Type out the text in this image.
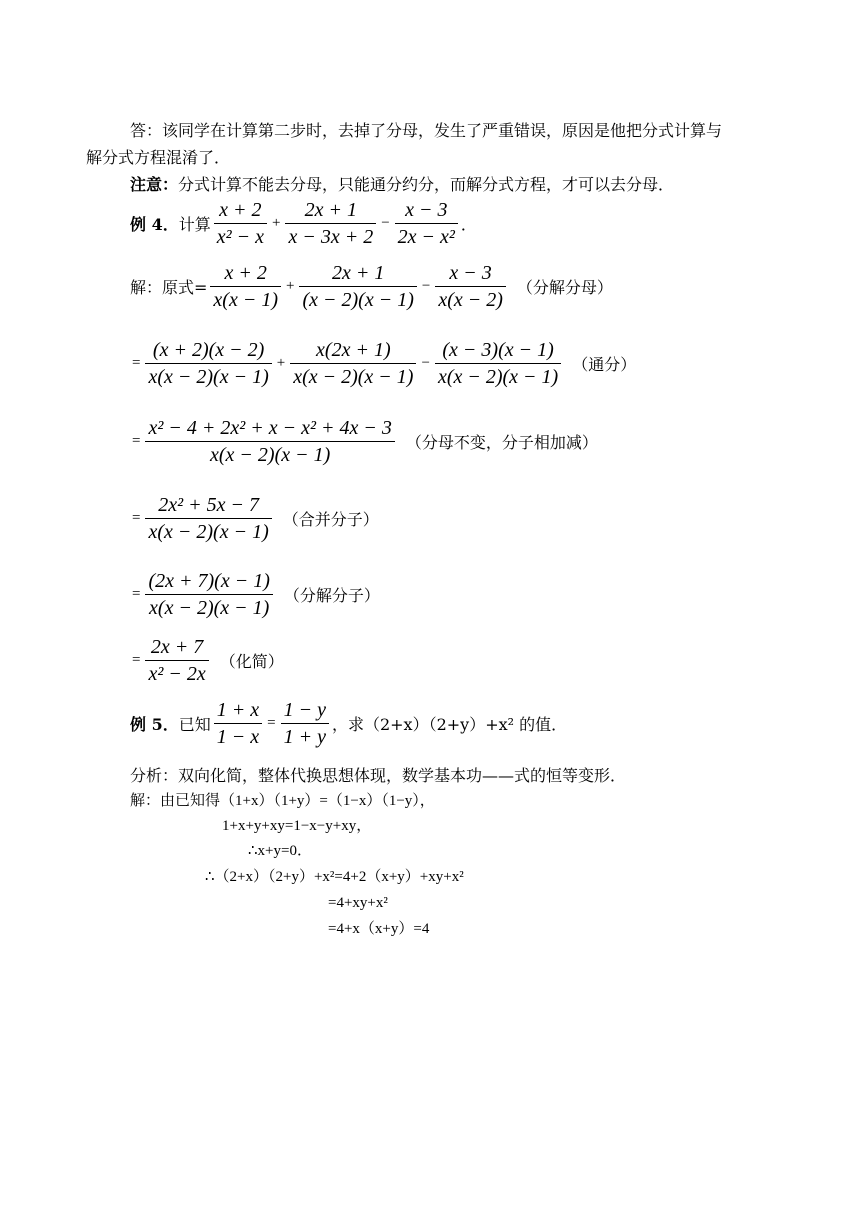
答：该同学在计算第二步时，去掉了分母，发生了严重错误，原因是他把分式计算与
解分式方程混淆了．
注意：分式计算不能去分母，只能通分约分，而解分式方程，才可以去分母．
例 4． 计算 $\frac{x + 2}{\text{x² − x}} + \frac{2x + 1}{x - 3x + 2} - \frac{x - 3}{\text{2x − x²}}$ ．
解：原式= $\frac{x + 2}{x(x - 1)} + \frac{2x + 1}{(x - 2)(x - 1)} - \frac{x - 3}{x(x - 2)}$ （分解分母）
= $\frac{(x + 2)(x - 2)}{x(x - 2)(x - 1)} + \frac{x(2x + 1)}{x(x - 2)(x - 1)} - \frac{(x - 3)(x - 1)}{x(x - 2)(x - 1)}$ （通分）
= $\frac{\text{x² − 4 + 2x² + x − x² + 4x − 3}}{x(x - 2)(x - 1)}$ （分母不变，分子相加减）
= $\frac{\text{2x² + 5x − 7}}{x(x - 2)(x - 1)}$ （合并分子）
= $\frac{(2x + 7)(x - 1)}{x(x - 2)(x - 1)}$ （分解分子）
= $\frac{2x + 7}{\text{x² − 2x}}$ （化简）
例 5． 已知 $\frac{1 + x}{1 - x} = \frac{1 - y}{1 + y}$ ，求（2+x）（2+y）+x² 的值．
分析：双向化简，整体代换思想体现，数学基本功——式的恒等变形．
解：由已知得（1+x）（1+y）=（1−x）（1−y），
1+x+y+xy=1−x−y+xy，
∴x+y=0．
∴（2+x）（2+y）+x²=4+2（x+y）+xy+x²
=4+xy+x²
=4+x（x+y）=4
